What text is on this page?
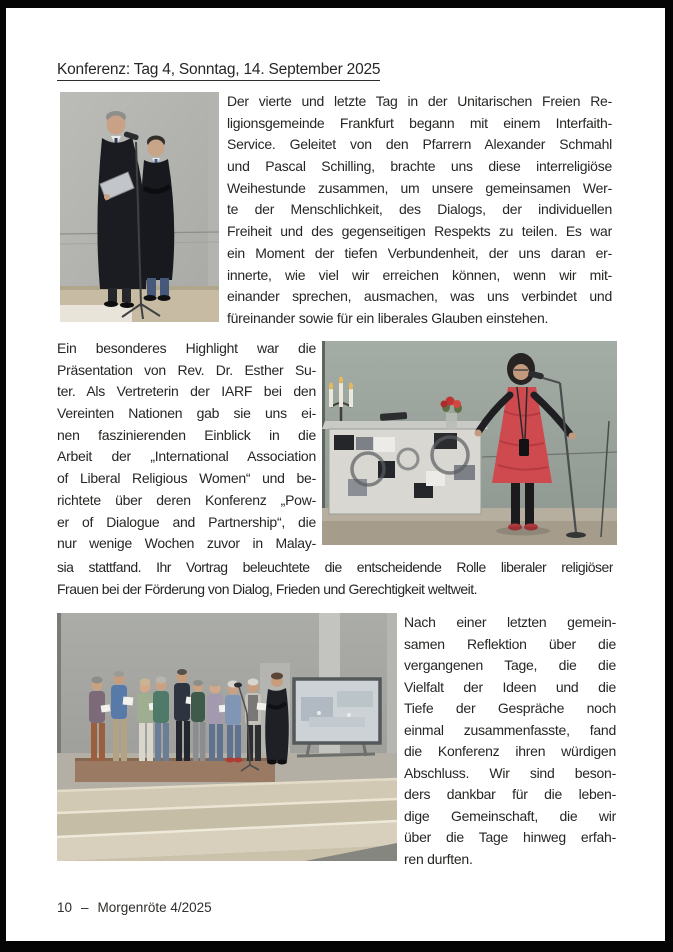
Konferenz: Tag 4, Sonntag, 14. September 2025
Der vierte und letzte Tag in der Unitarischen Freien Re-
ligionsgemeinde Frankfurt begann mit einem Interfaith-
Service. Geleitet von den Pfarrern Alexander Schmahl
und Pascal Schilling, brachte uns diese interreligiöse
Weihestunde zusammen, um unsere gemeinsamen Wer-
te der Menschlichkeit, des Dialogs, der individuellen
Freiheit und des gegenseitigen Respekts zu teilen. Es war
ein Moment der tiefen Verbundenheit, der uns daran er-
innerte, wie viel wir erreichen können, wenn wir mit-
einander sprechen, ausmachen, was uns verbindet und
füreinander sowie für ein liberales Glauben einstehen.
Ein besonderes Highlight war die
Präsentation von Rev. Dr. Esther Su-
ter. Als Vertreterin der IARF bei den
Vereinten Nationen gab sie uns ei-
nen faszinierenden Einblick in die
Arbeit der „International Association
of Liberal Religious Women“ und be-
richtete über deren Konferenz „Pow-
er of Dialogue and Partnership“, die
nur wenige Wochen zuvor in Malay-
sia stattfand. Ihr Vortrag beleuchtete die entscheidende Rolle liberaler religiöser
Frauen bei der Förderung von Dialog, Frieden und Gerechtigkeit weltweit.
Nach einer letzten gemein-
samen Reflektion über die
vergangenen Tage, die die
Vielfalt der Ideen und die
Tiefe der Gespräche noch
einmal zusammenfasste, fand
die Konferenz ihren würdigen
Abschluss. Wir sind beson-
ders dankbar für die leben-
dige Gemeinschaft, die wir
über die Tage hinweg erfah-
ren durften.
10 – Morgenröte 4/2025
